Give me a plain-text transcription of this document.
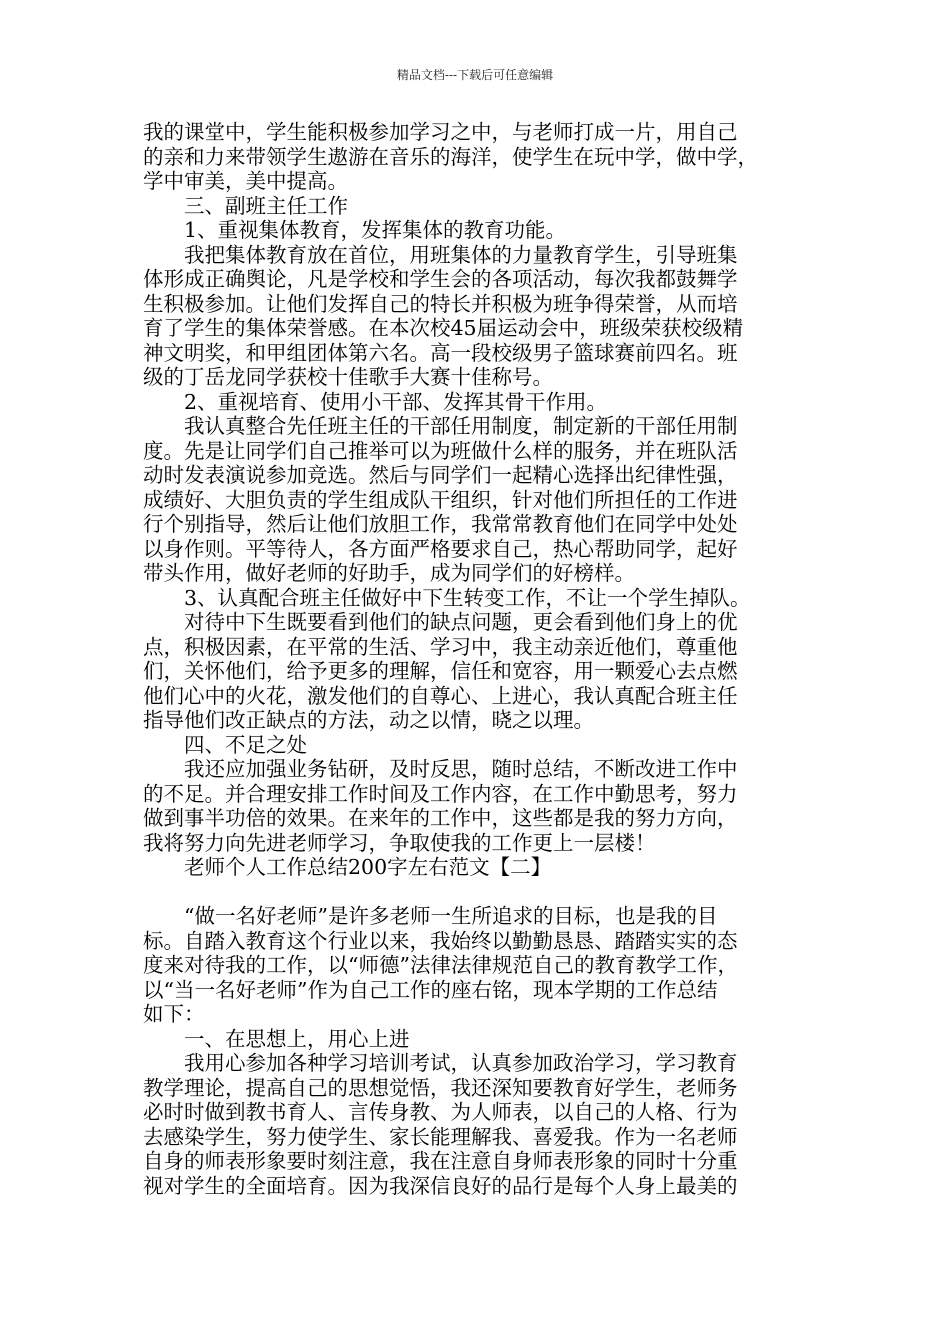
精品文档---下载后可任意编辑
我的课堂中，学生能积极参加学习之中，与老师打成一片，用自己
的亲和力来带领学生遨游在音乐的海洋，使学生在玩中学，做中学，
学中审美，美中提高。
　　三、副班主任工作
　　1、重视集体教育，发挥集体的教育功能。
　　我把集体教育放在首位，用班集体的力量教育学生，引导班集
体形成正确舆论，凡是学校和学生会的各项活动，每次我都鼓舞学
生积极参加。让他们发挥自己的特长并积极为班争得荣誉，从而培
育了学生的集体荣誉感。在本次校45届运动会中，班级荣获校级精
神文明奖，和甲组团体第六名。高一段校级男子篮球赛前四名。班
级的丁岳龙同学获校十佳歌手大赛十佳称号。
　　2、重视培育、使用小干部、发挥其骨干作用。
　　我认真整合先任班主任的干部任用制度，制定新的干部任用制
度。先是让同学们自己推举可以为班做什么样的服务，并在班队活
动时发表演说参加竞选。然后与同学们一起精心选择出纪律性强，
成绩好、大胆负责的学生组成队干组织，针对他们所担任的工作进
行个别指导，然后让他们放胆工作，我常常教育他们在同学中处处
以身作则。平等待人，各方面严格要求自己，热心帮助同学，起好
带头作用，做好老师的好助手，成为同学们的好榜样。
　　3、认真配合班主任做好中下生转变工作，不让一个学生掉队。
　　对待中下生既要看到他们的缺点问题，更会看到他们身上的优
点，积极因素，在平常的生活、学习中，我主动亲近他们，尊重他
们，关怀他们，给予更多的理解，信任和宽容，用一颗爱心去点燃
他们心中的火花，激发他们的自尊心、上进心，我认真配合班主任
指导他们改正缺点的方法，动之以情，晓之以理。
　　四、不足之处
　　我还应加强业务钻研，及时反思，随时总结，不断改进工作中
的不足。并合理安排工作时间及工作内容，在工作中勤思考，努力
做到事半功倍的效果。在来年的工作中，这些都是我的努力方向，
我将努力向先进老师学习，争取使我的工作更上一层楼！
　　老师个人工作总结200字左右范文【二】
　　“做一名好老师”是许多老师一生所追求的目标，也是我的目
标。自踏入教育这个行业以来，我始终以勤勤恳恳、踏踏实实的态
度来对待我的工作，以“师德”法律法律规范自己的教育教学工作，
以“当一名好老师”作为自己工作的座右铭，现本学期的工作总结
如下：
　　一、在思想上，用心上进
　　我用心参加各种学习培训考试，认真参加政治学习，学习教育
教学理论，提高自己的思想觉悟，我还深知要教育好学生，老师务
必时时做到教书育人、言传身教、为人师表，以自己的人格、行为
去感染学生，努力使学生、家长能理解我、喜爱我。作为一名老师
自身的师表形象要时刻注意，我在注意自身师表形象的同时十分重
视对学生的全面培育。因为我深信良好的品行是每个人身上最美的
